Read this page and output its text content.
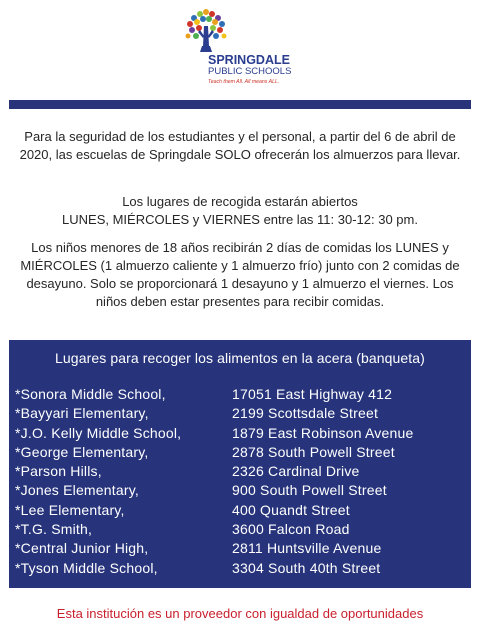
SPRINGDALE
PUBLIC SCHOOLS
Teach them All. All means ALL.

Para la seguridad de los estudiantes y el personal, a partir del 6 de abril de 2020, las escuelas de Springdale SOLO ofrecerán los almuerzos para llevar.

Los lugares de recogida estarán abiertos
LUNES, MIÉRCOLES y VIERNES entre las 11: 30-12: 30 pm.

Los niños menores de 18 años recibirán 2 días de comidas los LUNES y MIÉRCOLES (1 almuerzo caliente y 1 almuerzo frío) junto con 2 comidas de desayuno. Solo se proporcionará 1 desayuno y 1 almuerzo el viernes. Los niños deben estar presentes para recibir comidas.

Lugares para recoger los alimentos en la acera (banqueta)
*Sonora Middle School,	17051 East Highway 412
*Bayyari Elementary,	2199 Scottsdale Street
*J.O. Kelly Middle School,	1879 East Robinson Avenue
*George Elementary,	2878 South Powell Street
*Parson Hills,	2326 Cardinal Drive
*Jones Elementary,	900 South Powell Street
*Lee Elementary,	400 Quandt Street
*T.G. Smith,	3600 Falcon Road
*Central Junior High,	2811 Huntsville Avenue
*Tyson Middle School,	3304 South 40th Street
Esta institución es un proveedor con igualdad de oportunidades
